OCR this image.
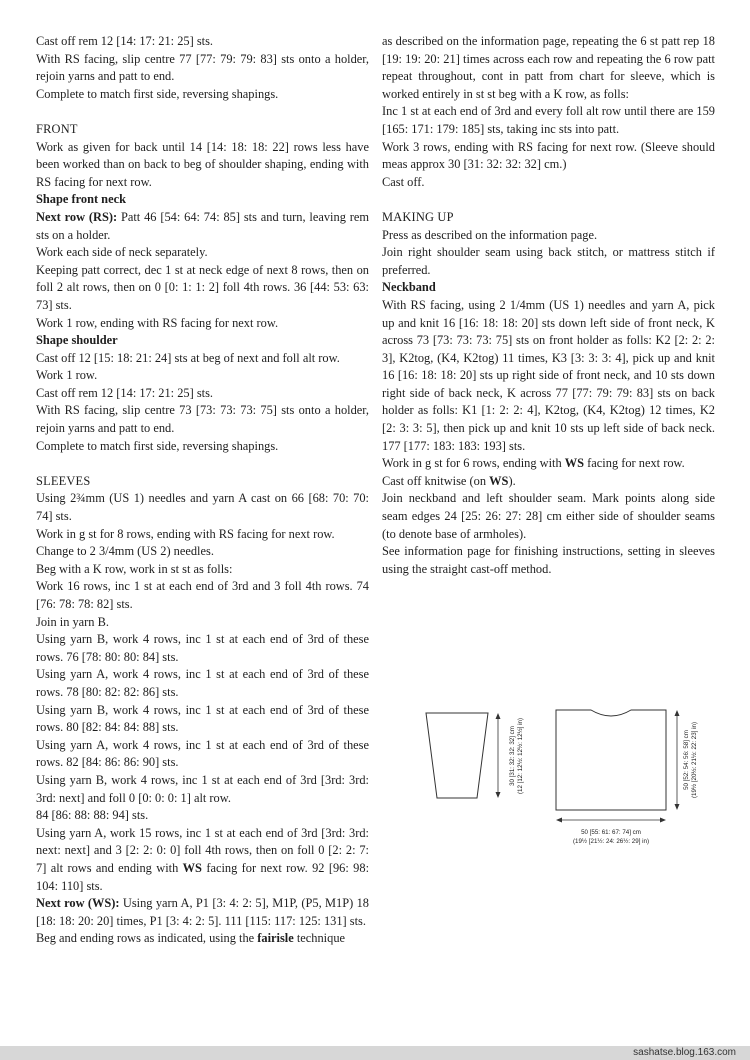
Cast off rem 12 [14: 17: 21: 25] sts.

With RS facing, slip centre 77 [77: 79: 79: 83] sts onto a holder, rejoin yarns and patt to end.

Complete to match first side, reversing shapings.

FRONT

Work as given for back until 14 [14: 18: 18: 22] rows less have been worked than on back to beg of shoulder shaping, ending with RS facing for next row.

Shape front neck

Next row (RS): Patt 46 [54: 64: 74: 85] sts and turn, leaving rem sts on a holder.

Work each side of neck separately.

Keeping patt correct, dec 1 st at neck edge of next 8 rows, then on foll 2 alt rows, then on 0 [0: 1: 1: 2] foll 4th rows. 36 [44: 53: 63: 73] sts.

Work 1 row, ending with RS facing for next row.

Shape shoulder

Cast off 12 [15: 18: 21: 24] sts at beg of next and foll alt row.

Work 1 row.

Cast off rem 12 [14: 17: 21: 25] sts.

With RS facing, slip centre 73 [73: 73: 73: 75] sts onto a holder, rejoin yarns and patt to end.

Complete to match first side, reversing shapings.

SLEEVES

Using 2¾mm (US 1) needles and yarn A cast on 66 [68: 70: 70: 74] sts.

Work in g st for 8 rows, ending with RS facing for next row.

Change to 2 3/4mm (US 2) needles.

Beg with a K row, work in st st as folls:

Work 16 rows, inc 1 st at each end of 3rd and 3 foll 4th rows. 74 [76: 78: 78: 82] sts.

Join in yarn B.

Using yarn B, work 4 rows, inc 1 st at each end of 3rd of these rows. 76 [78: 80: 80: 84] sts.

Using yarn A, work 4 rows, inc 1 st at each end of 3rd of these rows. 78 [80: 82: 82: 86] sts.

Using yarn B, work 4 rows, inc 1 st at each end of 3rd of these rows. 80 [82: 84: 84: 88] sts.

Using yarn A, work 4 rows, inc 1 st at each end of 3rd of these rows. 82 [84: 86: 86: 90] sts.

Using yarn B, work 4 rows, inc 1 st at each end of 3rd [3rd: 3rd: 3rd: next] and foll 0 [0: 0: 0: 1] alt row.

84 [86: 88: 88: 94] sts.

Using yarn A, work 15 rows, inc 1 st at each end of 3rd [3rd: 3rd: next: next] and 3 [2: 2: 0: 0] foll 4th rows, then on foll 0 [2: 2: 7: 7] alt rows and ending with WS facing for next row. 92 [96: 98: 104: 110] sts.

Next row (WS): Using yarn A, P1 [3: 4: 2: 5], M1P, (P5, M1P) 18 [18: 18: 20: 20] times, P1 [3: 4: 2: 5]. 111 [115: 117: 125: 131] sts.

Beg and ending rows as indicated, using the fairisle technique

as described on the information page, repeating the 6 st patt rep 18 [19: 19: 20: 21] times across each row and repeating the 6 row patt repeat throughout, cont in patt from chart for sleeve, which is worked entirely in st st beg with a K row, as folls:

Inc 1 st at each end of 3rd and every foll alt row until there are 159 [165: 171: 179: 185] sts, taking inc sts into patt.

Work 3 rows, ending with RS facing for next row. (Sleeve should meas approx 30 [31: 32: 32: 32] cm.)

Cast off.

MAKING UP

Press as described on the information page.

Join right shoulder seam using back stitch, or mattress stitch if preferred.

Neckband

With RS facing, using 2 1/4mm (US 1) needles and yarn A, pick up and knit 16 [16: 18: 18: 20] sts down left side of front neck, K across 73 [73: 73: 73: 75] sts on front holder as folls: K2 [2: 2: 2: 3], K2tog, (K4, K2tog) 11 times, K3 [3: 3: 3: 4], pick up and knit 16 [16: 18: 18: 20] sts up right side of front neck, and 10 sts down right side of back neck, K across 77 [77: 79: 79: 83] sts on back holder as folls: K1 [1: 2: 2: 4], K2tog, (K4, K2tog) 12 times, K2 [2: 3: 3: 5], then pick up and knit 10 sts up left side of back neck. 177 [177: 183: 183: 193] sts.

Work in g st for 6 rows, ending with WS facing for next row.

Cast off knitwise (on WS).

Join neckband and left shoulder seam. Mark points along side seam edges 24 [25: 26: 27: 28] cm either side of shoulder seams (to denote base of armholes).

See information page for finishing instructions, setting in sleeves using the straight cast-off method.

30 [31: 32: 32: 32] cm (12 [12: 12½: 12½: 12½] in)
50 [55: 61: 67: 74] cm
(19½ [21½: 24: 26½: 29] in)
50 [52: 54: 56: 58] cm (19½ [20½: 21½: 22: 23] in)
sashatse.blog.163.com
